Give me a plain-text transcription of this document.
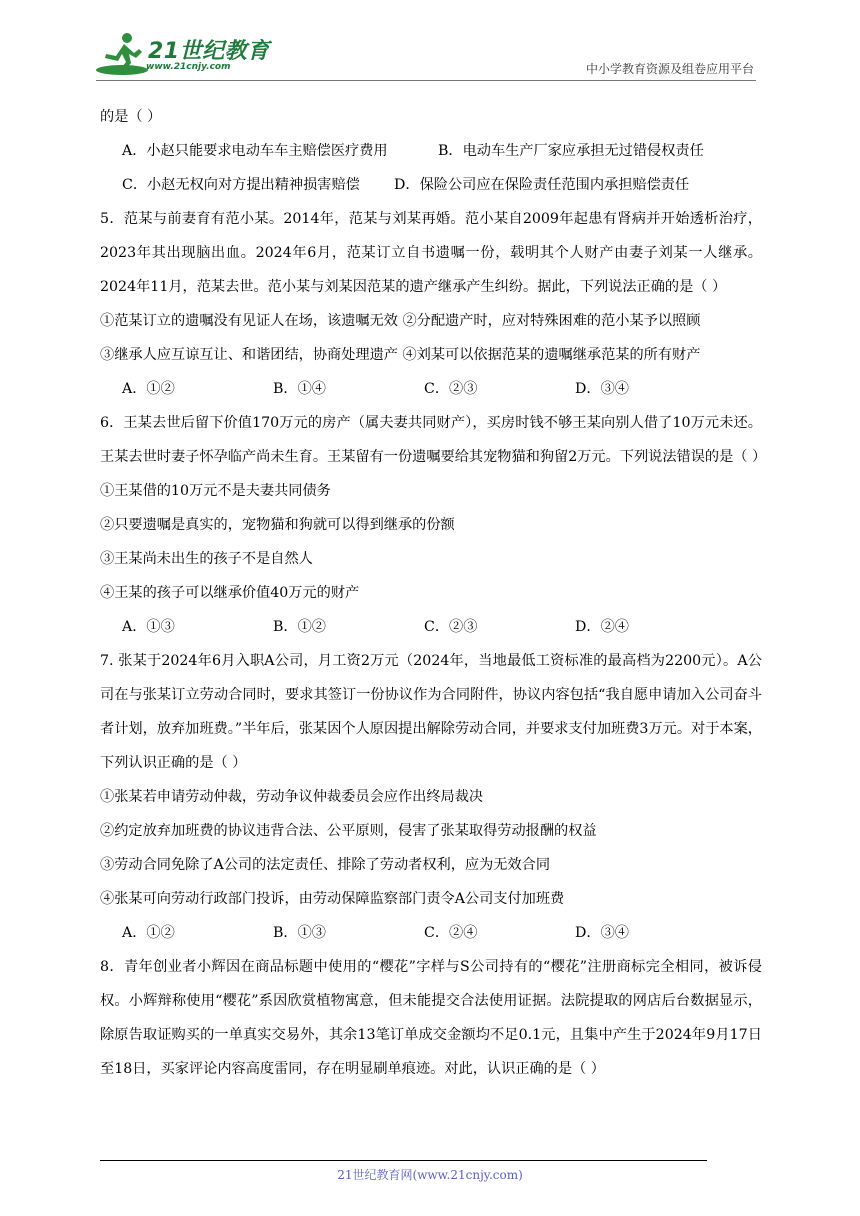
21世纪教育
www.21cnjy.com	中小学教育资源及组卷应用平台
的是（ ）
A．小赵只能要求电动车车主赔偿医疗费用	B．电动车生产厂家应承担无过错侵权责任
C．小赵无权向对方提出精神损害赔偿 D．保险公司应在保险责任范围内承担赔偿责任
5．范某与前妻育有范小某。2014年，范某与刘某再婚。范小某自2009年起患有肾病并开始透析治疗，2023年其出现脑出血。2024年6月，范某订立自书遗嘱一份，载明其个人财产由妻子刘某一人继承。2024年11月，范某去世。范小某与刘某因范某的遗产继承产生纠纷。据此，下列说法正确的是（ ）
①范某订立的遗嘱没有见证人在场，该遗嘱无效 ②分配遗产时，应对特殊困难的范小某予以照顾
③继承人应互谅互让、和谐团结，协商处理遗产 ④刘某可以依据范某的遗嘱继承范某的所有财产
A．①②	B．①④	C．②③	D．③④
6．王某去世后留下价值170万元的房产（属夫妻共同财产），买房时钱不够王某向别人借了10万元未还。王某去世时妻子怀孕临产尚未生育。王某留有一份遗嘱要给其宠物猫和狗留2万元。下列说法错误的是（ ）
①王某借的10万元不是夫妻共同债务
②只要遗嘱是真实的，宠物猫和狗就可以得到继承的份额
③王某尚未出生的孩子不是自然人
④王某的孩子可以继承价值40万元的财产
A．①③	B．①②	C．②③	D．②④
7. 张某于2024年6月入职A公司，月工资2万元（2024年，当地最低工资标准的最高档为2200元）。A公司在与张某订立劳动合同时，要求其签订一份协议作为合同附件，协议内容包括“我自愿申请加入公司奋斗者计划，放弃加班费。”半年后，张某因个人原因提出解除劳动合同，并要求支付加班费3万元。对于本案，下列认识正确的是（ ）
①张某若申请劳动仲裁，劳动争议仲裁委员会应作出终局裁决
②约定放弃加班费的协议违背合法、公平原则，侵害了张某取得劳动报酬的权益
③劳动合同免除了A公司的法定责任、排除了劳动者权利，应为无效合同
④张某可向劳动行政部门投诉，由劳动保障监察部门责令A公司支付加班费
A．①②	B．①③	C．②④	D．③④
8．青年创业者小辉因在商品标题中使用的“樱花”字样与S公司持有的“樱花”注册商标完全相同，被诉侵权。小辉辩称使用“樱花”系因欣赏植物寓意，但未能提交合法使用证据。法院提取的网店后台数据显示，除原告取证购买的一单真实交易外，其余13笔订单成交金额均不足0.1元，且集中产生于2024年9月17日至18日，买家评论内容高度雷同，存在明显刷单痕迹。对此，认识正确的是（ ）
21世纪教育网(www.21cnjy.com)
